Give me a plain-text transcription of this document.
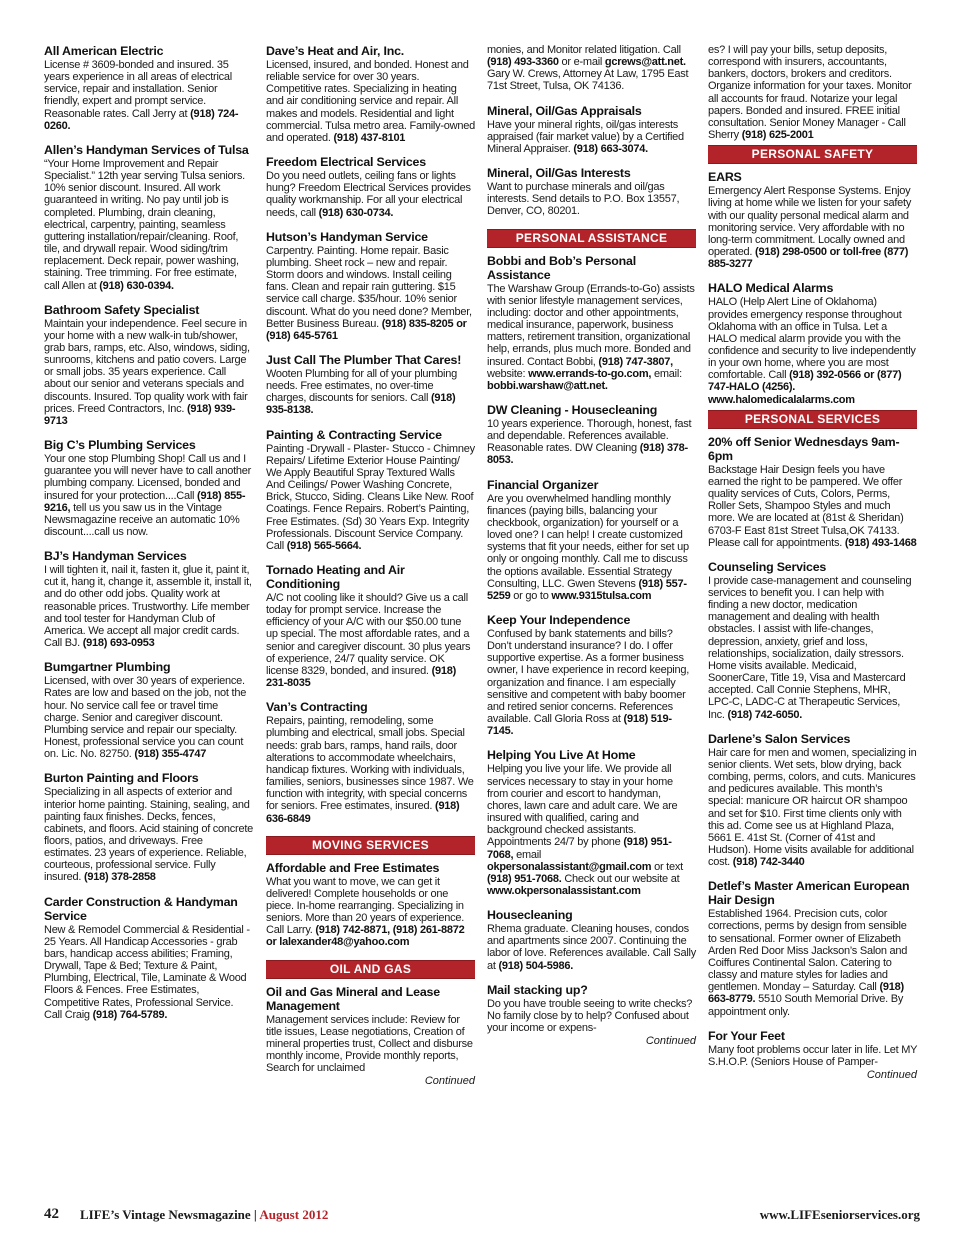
All American Electric

License # 3609-bonded and insured. 35 years experience in all areas of electrical service, repair and installation. Senior friendly, expert and prompt service. Reasonable rates. Call Jerry at (918) 724-0260.

Allen’s Handyman Services of Tulsa

“Your Home Improvement and Repair Specialist.” 12th year serving Tulsa seniors. 10% senior discount. Insured. All work guaranteed in writing. No pay until job is completed. Plumbing, drain cleaning, electrical, carpentry, painting, seamless guttering installation/repair/cleaning. Roof, tile, and drywall repair. Wood siding/trim replacement. Deck repair, power washing, staining. Tree trimming. For free estimate, call Allen at (918) 630-0394.

Bathroom Safety Specialist

Maintain your independence. Feel secure in your home with a new walk-in tub/shower, grab bars, ramps, etc. Also, windows, siding, sunrooms, kitchens and patio covers. Large or small jobs. 35 years experience. Call about our senior and veterans specials and discounts. Insured. Top quality work with fair prices. Freed Contractors, Inc. (918) 939-9713

Big C’s Plumbing Services

Your one stop Plumbing Shop! Call us and I guarantee you will never have to call another plumbing company. Licensed, bonded and insured for your protection....Call (918) 855-9216, tell us you saw us in the Vintage Newsmagazine receive an automatic 10% discount....call us now.

BJ’s Handyman Services

I will tighten it, nail it, fasten it, glue it, paint it, cut it, hang it, change it, assemble it, install it, and do other odd jobs. Quality work at reasonable prices. Trustworthy. Life member and tool tester for Handyman Club of America. We accept all major credit cards. Call BJ. (918) 693-0953

Bumgartner Plumbing

Licensed, with over 30 years of experience. Rates are low and based on the job, not the hour. No service call fee or travel time charge. Senior and caregiver discount. Plumbing service and repair our specialty. Honest, professional service you can count on. Lic. No. 82750. (918) 355-4747

Burton Painting and Floors

Specializing in all aspects of exterior and interior home painting. Staining, sealing, and painting faux finishes. Decks, fences, cabinets, and floors. Acid staining of concrete floors, patios, and driveways. Free estimates. 23 years of experience. Reliable, courteous, professional service. Fully insured. (918) 378-2858

Carder Construction & Handyman Service

New & Remodel Commercial & Residential - 25 Years. All Handicap Accessories - grab bars, handicap access abilities; Framing, Drywall, Tape & Bed; Texture & Paint, Plumbing, Electrical, Tile, Laminate & Wood Floors & Fences. Free Estimates, Competitive Rates, Professional Service. Call Craig (918) 764-5789.

Dave’s Heat and Air, Inc.

Licensed, insured, and bonded. Honest and reliable service for over 30 years. Competitive rates. Specializing in heating and air conditioning service and repair. All makes and models. Residential and light commercial. Tulsa metro area. Family-owned and operated. (918) 437-8101

Freedom Electrical Services

Do you need outlets, ceiling fans or lights hung? Freedom Electrical Services provides quality workmanship. For all your electrical needs, call (918) 630-0734.

Hutson’s Handyman Service

Carpentry. Painting. Home repair. Basic plumbing. Sheet rock – new and repair. Storm doors and windows. Install ceiling fans. Clean and repair rain guttering. $15 service call charge. $35/hour. 10% senior discount. What do you need done? Member, Better Business Bureau. (918) 835-8205 or (918) 645-5761

Just Call The Plumber That Cares!

Wooten Plumbing for all of your plumbing needs. Free estimates, no over-time charges, discounts for seniors. Call (918) 935-8138.

Painting & Contracting Service

Painting -Drywall - Plaster- Stucco - Chimney Repairs/ Lifetime Exterior House Painting/ We Apply Beautiful Spray Textured Walls And Ceilings/ Power Washing Concrete, Brick, Stucco, Siding. Cleans Like New. Roof Coatings. Fence Repairs. Robert’s Painting, Free Estimates. (Sd) 30 Years Exp. Integrity Professionals. Discount Service Company. Call (918) 565-5664.

Tornado Heating and Air Conditioning

A/C not cooling like it should? Give us a call today for prompt service. Increase the efficiency of your A/C with our $50.00 tune up special. The most affordable rates, and a senior and caregiver discount. 30 plus years of experience, 24/7 quality service. OK license 8329, bonded, and insured. (918) 231-8035

Van’s Contracting

Repairs, painting, remodeling, some plumbing and electrical, small jobs. Special needs: grab bars, ramps, hand rails, door alterations to accommodate wheelchairs, handicap fixtures. Working with individuals, families, seniors, businesses since 1987. We function with integrity, with special concerns for seniors. Free estimates, insured. (918) 636-6849

MOVING SERVICES
Affordable and Free Estimates

What you want to move, we can get it delivered! Complete households or one piece. In-home rearranging. Specializing in seniors. More than 20 years of experience. Call Larry. (918) 742-8871, (918) 261-8872 or lalexander48@yahoo.com

OIL AND GAS
Oil and Gas Mineral and Lease Management

Management services include: Review for title issues, Lease negotiations, Creation of mineral properties trust, Collect and disburse monthly income, Provide monthly reports, Search for unclaimed

Continued

monies, and Monitor related litigation. Call (918) 493-3360 or e-mail gcrews@att.net. Gary W. Crews, Attorney At Law, 1795 East 71st Street, Tulsa, OK 74136.

Mineral, Oil/Gas Appraisals

Have your mineral rights, oil/gas interests appraised (fair market value) by a Certified Mineral Appraiser. (918) 663-3074.

Mineral, Oil/Gas Interests

Want to purchase minerals and oil/gas interests. Send details to P.O. Box 13557, Denver, CO, 80201.

PERSONAL ASSISTANCE
Bobbi and Bob’s Personal Assistance

The Warshaw Group (Errands-to-Go) assists with senior lifestyle management services, including: doctor and other appointments, medical insurance, paperwork, business matters, retirement transition, organizational help, errands, plus much more. Bonded and insured. Contact Bobbi, (918) 747-3807, website: www.errands-to-go.com, email: bobbi.warshaw@att.net.

DW Cleaning - Housecleaning

10 years experience. Thorough, honest, fast and dependable. References available. Reasonable rates. DW Cleaning (918) 378-8053.

Financial Organizer

Are you overwhelmed handling monthly finances (paying bills, balancing your checkbook, organization) for yourself or a loved one? I can help! I create customized systems that fit your needs, either for set up only or ongoing monthly. Call me to discuss the options available. Essential Strategy Consulting, LLC. Gwen Stevens (918) 557-5259 or go to www.9315tulsa.com

Keep Your Independence

Confused by bank statements and bills? Don’t understand insurance? I do. I offer supportive expertise. As a former business owner, I have experience in record keeping, organization and finance. I am especially sensitive and competent with baby boomer and retired senior concerns. References available. Call Gloria Ross at (918) 519-7145.

Helping You Live At Home

Helping you live your life. We provide all services necessary to stay in your home from courier and escort to handyman, chores, lawn care and adult care. We are insured with qualified, caring and background checked assistants. Appointments 24/7 by phone (918) 951-7068, email okpersonalassistant@gmail.com or text (918) 951-7068. Check out our website at www.okpersonalassistant.com

Housecleaning

Rhema graduate. Cleaning houses, condos and apartments since 2007. Continuing the labor of love. References available. Call Sally at (918) 504-5986.

Mail stacking up?

Do you have trouble seeing to write checks? No family close by to help? Confused about your income or expens-

Continued

es? I will pay your bills, setup deposits, correspond with insurers, accountants, bankers, doctors, brokers and creditors. Organize information for your taxes. Monitor all accounts for fraud. Notarize your legal papers. Bonded and insured. FREE initial consultation. Senior Money Manager - Call Sherry (918) 625-2001

PERSONAL SAFETY
EARS

Emergency Alert Response Systems. Enjoy living at home while we listen for your safety with our quality personal medical alarm and monitoring service. Very affordable with no long-term commitment. Locally owned and operated. (918) 298-0500 or toll-free (877) 885-3277

HALO Medical Alarms

HALO (Help Alert Line of Oklahoma) provides emergency response throughout Oklahoma with an office in Tulsa. Let a HALO medical alarm provide you with the confidence and security to live independently in your own home, where you are most comfortable. Call (918) 392-0566 or (877) 747-HALO (4256). www.halomedicalalarms.com

PERSONAL SERVICES
20% off Senior Wednesdays 9am-6pm

Backstage Hair Design feels you have earned the right to be pampered. We offer quality services of Cuts, Colors, Perms, Roller Sets, Shampoo Styles and much more. We are located at (81st & Sheridan) 6703-F East 81st Street Tulsa,OK 74133. Please call for appointments. (918) 493-1468

Counseling Services

I provide case-management and counseling services to benefit you. I can help with finding a new doctor, medication management and dealing with health obstacles. I assist with life-changes, depression, anxiety, grief and loss, relationships, socialization, daily stressors. Home visits available. Medicaid, SoonerCare, Title 19, Visa and Mastercard accepted. Call Connie Stephens, MHR, LPC-C, LADC-C at Therapeutic Services, Inc. (918) 742-6050.

Darlene’s Salon Services

Hair care for men and women, specializing in senior clients. Wet sets, blow drying, back combing, perms, colors, and cuts. Manicures and pedicures available. This month’s special: manicure OR haircut OR shampoo and set for $10. First time clients only with this ad. Come see us at Highland Plaza, 5661 E. 41st St. (Corner of 41st and Hudson). Home visits available for additional cost. (918) 742-3440

Detlef’s Master American European Hair Design

Established 1964. Precision cuts, color corrections, perms by design from sensible to sensational. Former owner of Elizabeth Arden Red Door Miss Jackson’s Salon and Coiffures Continental Salon. Catering to classy and mature styles for ladies and gentlemen. Monday – Saturday. Call (918) 663-8779. 5510 South Memorial Drive. By appointment only.

For Your Feet

Many foot problems occur later in life. Let MY S.H.O.P. (Seniors House of Pamper-

Continued
42 LIFE’s Vintage Newsmagazine | August 2012	www.LIFEseniorservices.org
